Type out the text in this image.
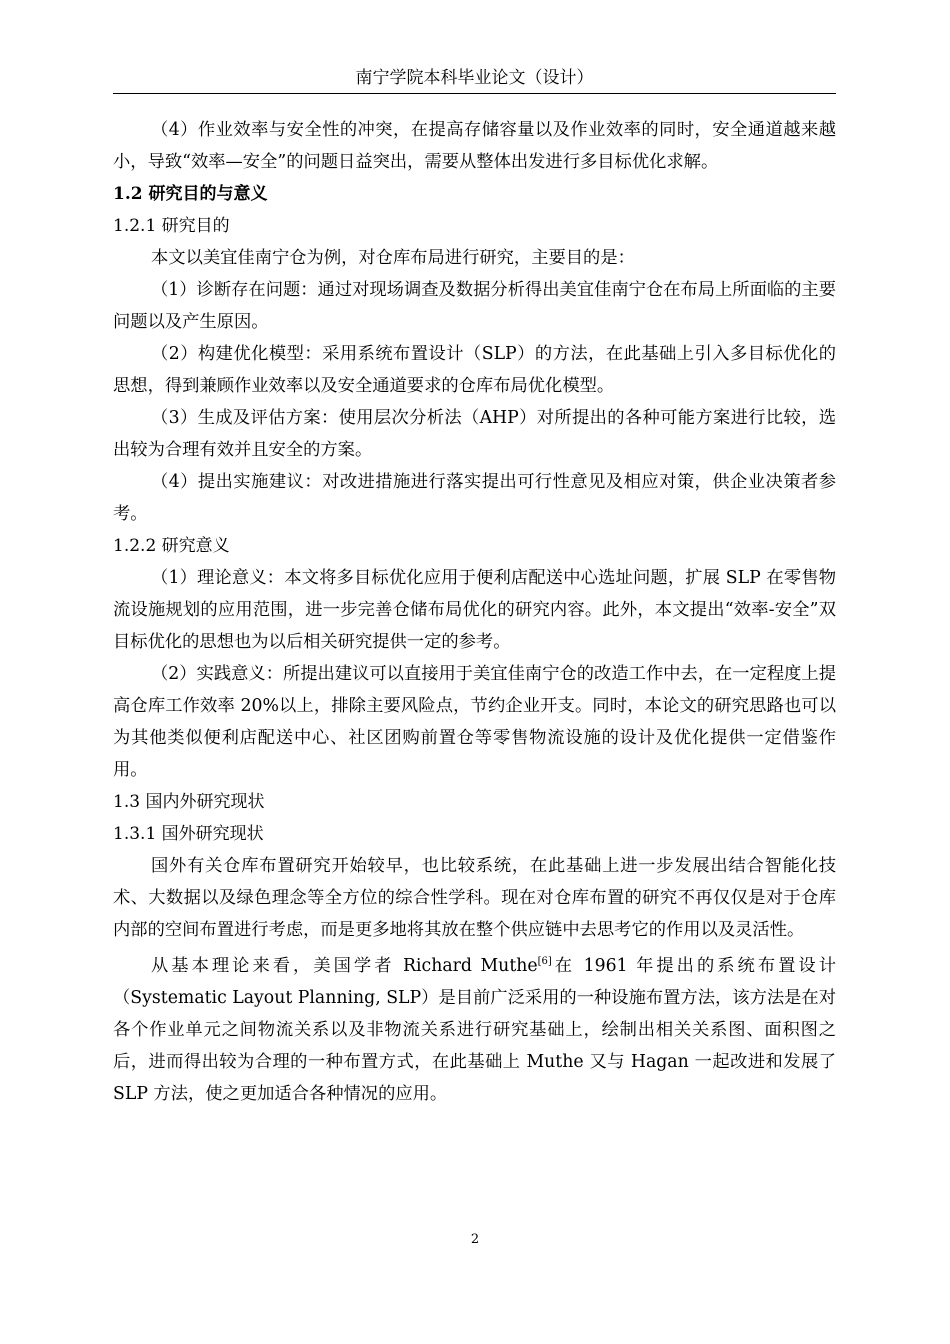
南宁学院本科毕业论文（设计）

（4）作业效率与安全性的冲突，在提高存储容量以及作业效率的同时，安全通道越来越小，导致“效率—安全”的问题日益突出，需要从整体出发进行多目标优化求解。

1.2 研究目的与意义

1.2.1 研究目的

本文以美宜佳南宁仓为例，对仓库布局进行研究，主要目的是：

（1）诊断存在问题：通过对现场调查及数据分析得出美宜佳南宁仓在布局上所面临的主要问题以及产生原因。

（2）构建优化模型：采用系统布置设计（SLP）的方法，在此基础上引入多目标优化的思想，得到兼顾作业效率以及安全通道要求的仓库布局优化模型。

（3）生成及评估方案：使用层次分析法（AHP）对所提出的各种可能方案进行比较，选出较为合理有效并且安全的方案。

（4）提出实施建议：对改进措施进行落实提出可行性意见及相应对策，供企业决策者参考。

1.2.2 研究意义

（1）理论意义：本文将多目标优化应用于便利店配送中心选址问题，扩展 SLP 在零售物流设施规划的应用范围，进一步完善仓储布局优化的研究内容。此外，本文提出“效率-安全”双目标优化的思想也为以后相关研究提供一定的参考。

（2）实践意义：所提出建议可以直接用于美宜佳南宁仓的改造工作中去，在一定程度上提高仓库工作效率 20%以上，排除主要风险点，节约企业开支。同时，本论文的研究思路也可以为其他类似便利店配送中心、社区团购前置仓等零售物流设施的设计及优化提供一定借鉴作用。

1.3 国内外研究现状

1.3.1 国外研究现状

国外有关仓库布置研究开始较早，也比较系统，在此基础上进一步发展出结合智能化技术、大数据以及绿色理念等全方位的综合性学科。现在对仓库布置的研究不再仅仅是对于仓库内部的空间布置进行考虑，而是更多地将其放在整个供应链中去思考它的作用以及灵活性。

从基本理论来看，美国学者 Richard Muthe[6]在 1961 年提出的系统布置设计（Systematic Layout Planning, SLP）是目前广泛采用的一种设施布置方法，该方法是在对各个作业单元之间物流关系以及非物流关系进行研究基础上，绘制出相关关系图、面积图之后，进而得出较为合理的一种布置方式，在此基础上 Muthe 又与 Hagan 一起改进和发展了 SLP 方法，使之更加适合各种情况的应用。

2
